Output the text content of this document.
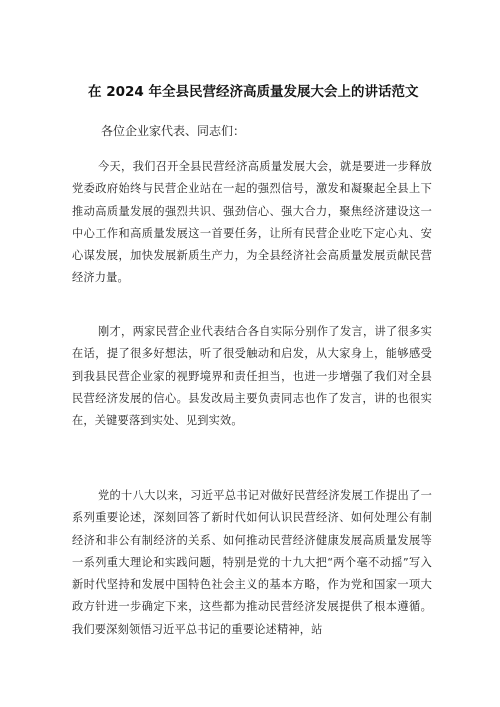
在 2024 年全县民营经济高质量发展大会上的讲话范文
各位企业家代表、同志们：

今天，我们召开全县民营经济高质量发展大会，就是要进一步释放党委政府始终与民营企业站在一起的强烈信号，激发和凝聚起全县上下推动高质量发展的强烈共识、强劲信心、强大合力，聚焦经济建设这一中心工作和高质量发展这一首要任务，让所有民营企业吃下定心丸、安心谋发展，加快发展新质生产力，为全县经济社会高质量发展贡献民营经济力量。

刚才，两家民营企业代表结合各自实际分别作了发言，讲了很多实在话，提了很多好想法，听了很受触动和启发，从大家身上，能够感受到我县民营企业家的视野境界和责任担当，也进一步增强了我们对全县民营经济发展的信心。县发改局主要负责同志也作了发言，讲的也很实在，关键要落到实处、见到实效。

党的十八大以来，习近平总书记对做好民营经济发展工作提出了一系列重要论述，深刻回答了新时代如何认识民营经济、如何处理公有制经济和非公有制经济的关系、如何推动民营经济健康发展高质量发展等一系列重大理论和实践问题，特别是党的十九大把“两个毫不动摇”写入新时代坚持和发展中国特色社会主义的基本方略，作为党和国家一项大政方针进一步确定下来，这些都为推动民营经济发展提供了根本遵循。我们要深刻领悟习近平总书记的重要论述精神，站
